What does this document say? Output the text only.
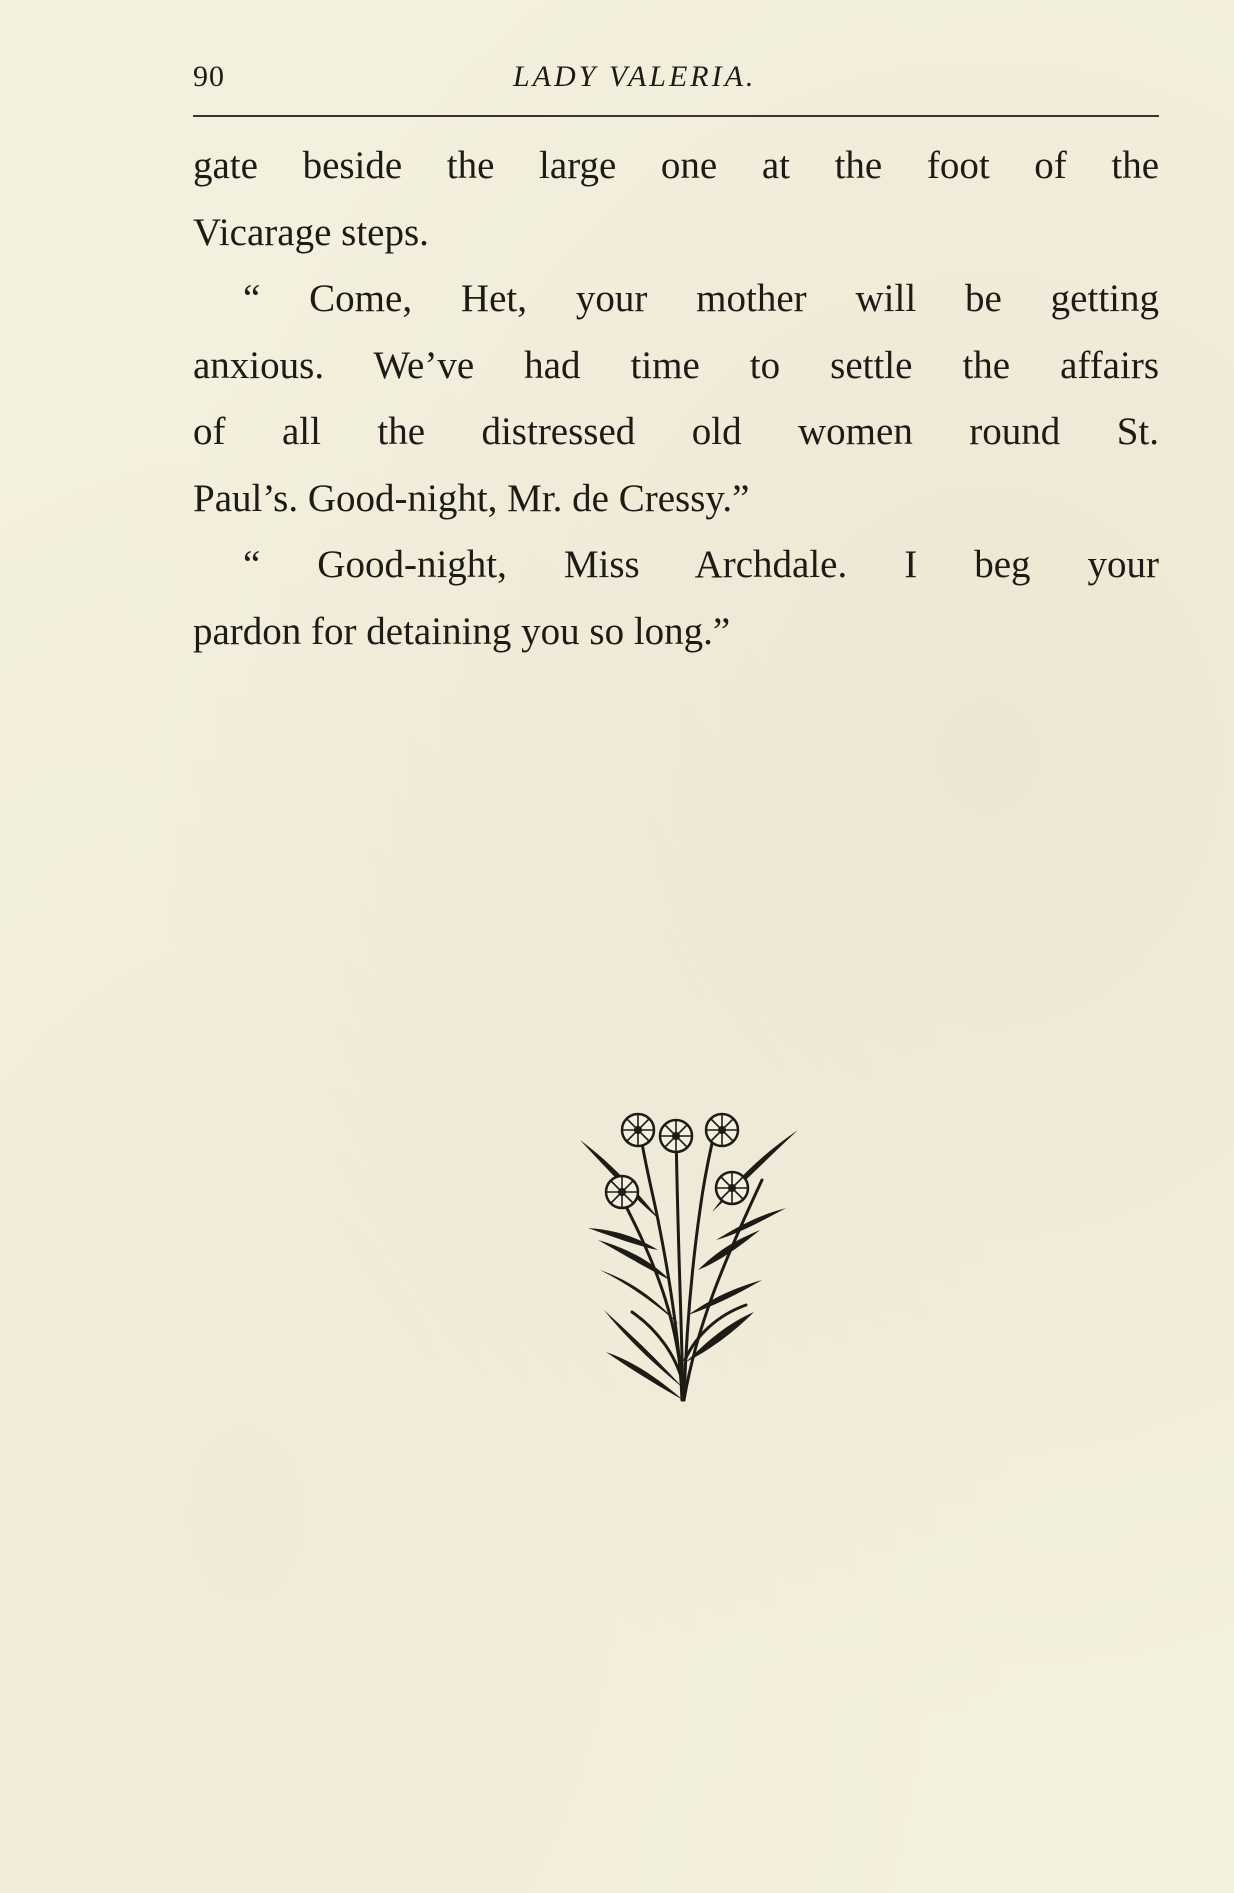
90	LADY VALERIA.
gate beside the large one at the foot of the
Vicarage steps.
“ Come, Het, your mother will be getting
anxious. We’ve had time to settle the affairs
of all the distressed old women round St.
Paul’s. Good-night, Mr. de Cressy.”
“ Good-night, Miss Archdale. I beg your
pardon for detaining you so long.”
